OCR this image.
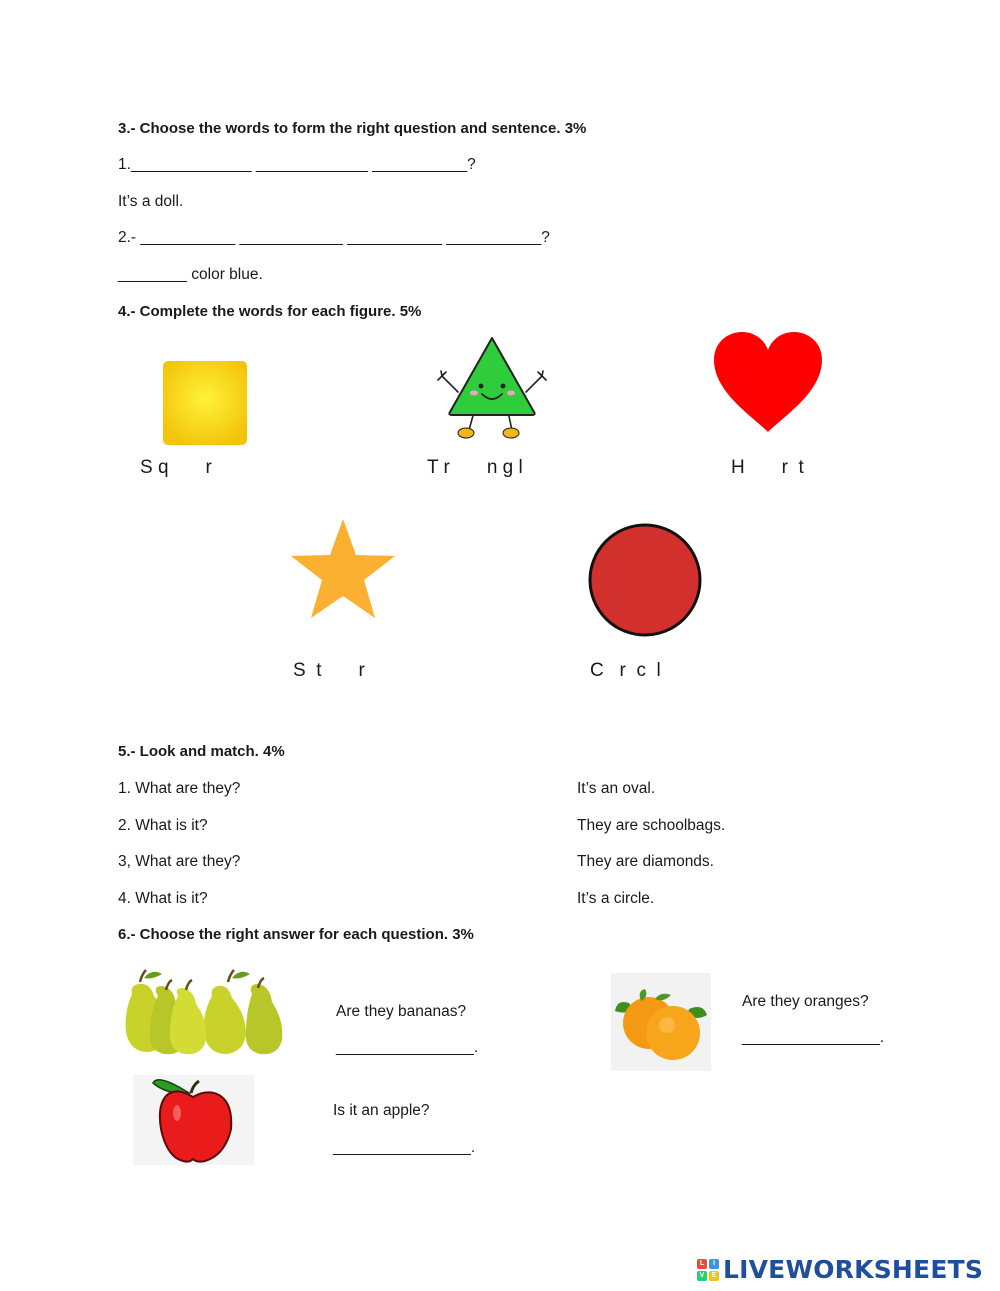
3.- Choose the words to form the right question and sentence. 3%
1.______________ _____________ ___________?
It’s a doll.
2.- ___________ ____________ ___________ ___________?
________ color blue.
4.- Complete the words for each figure. 5%
S q       r	T r       n g l	H       r  t
S  t       r	C   r  c  l
5.- Look and match. 4%
1. What are they?
2. What is it?
3, What are they?
4. What is it?
It’s an oval.
They are schoolbags.
They are diamonds.
It’s a circle.
6.- Choose the right answer for each question. 3%
Are they bananas?
________________.
Are they oranges?
________________.
Is it an apple?
________________.
L	I
V	E LIVEWORKSHEETS
